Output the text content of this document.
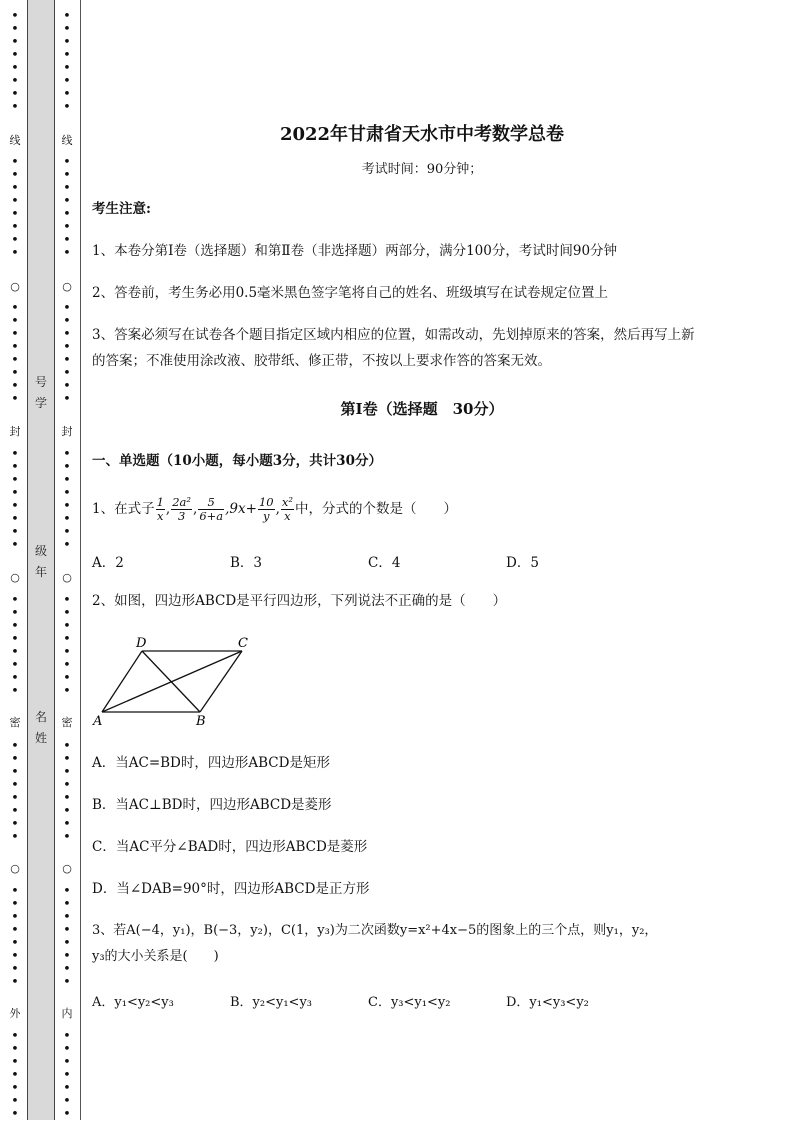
•
•
•
•
•
•
•
•
线
•
•
•
•
•
•
•
•
○
•
•
•
•
•
•
•
•
封
•
•
•
•
•
•
•
•
○
•
•
•
•
•
•
•
•
密
•
•
•
•
•
•
•
•
○
•
•
•
•
•
•
•
•
外
•
•
•
•
•
•
•
号
学
级
年
名
姓
•
•
•
•
•
•
•
•
线
•
•
•
•
•
•
•
•
○
•
•
•
•
•
•
•
•
封
•
•
•
•
•
•
•
•
○
•
•
•
•
•
•
•
•
密
•
•
•
•
•
•
•
•
○
•
•
•
•
•
•
•
•
内
•
•
•
•
•
•
•
2022年甘肃省天水市中考数学总卷
考试时间：90分钟；
考生注意:
1、本卷分第Ⅰ卷（选择题）和第Ⅱ卷（非选择题）两部分，满分100分，考试时间90分钟
2、答卷前，考生务必用0.5毫米黑色签字笔将自己的姓名、班级填写在试卷规定位置上
3、答案必须写在试卷各个题目指定区域内相应的位置，如需改动，先划掉原来的答案，然后再写上新
的答案；不准使用涂改液、胶带纸、修正带，不按以上要求作答的答案无效。
第Ⅰ卷（选择题　30分）
一、单选题（10小题，每小题3分，共计30分）
1、在式子 $\frac{1}{x}$ , $\frac{\text{2a²}}{3}$ , $\frac{5}{6+a} ,9x+ \frac{10}{y}$ , $\frac{\text{x²}}{x}$ 中，分式的个数是（　　）
A．2	B．3	C．4	D．5
2、如图，四边形ABCD是平行四边形，下列说法不正确的是（　　）
A	B
C
D
A．当AC=BD时，四边形ABCD是矩形
B．当AC⊥BD时，四边形ABCD是菱形
C．当AC平分∠BAD时，四边形ABCD是菱形
D．当∠DAB=90°时，四边形ABCD是正方形
3、若A(−4，y₁)，B(−3，y₂)，C(1，y₃)为二次函数y=x²+4x−5的图象上的三个点，则y₁，y₂，
y₃的大小关系是(　　)
A．y₁<y₂<y₃	B．y₂<y₁<y₃	C．y₃<y₁<y₂	D．y₁<y₃<y₂
